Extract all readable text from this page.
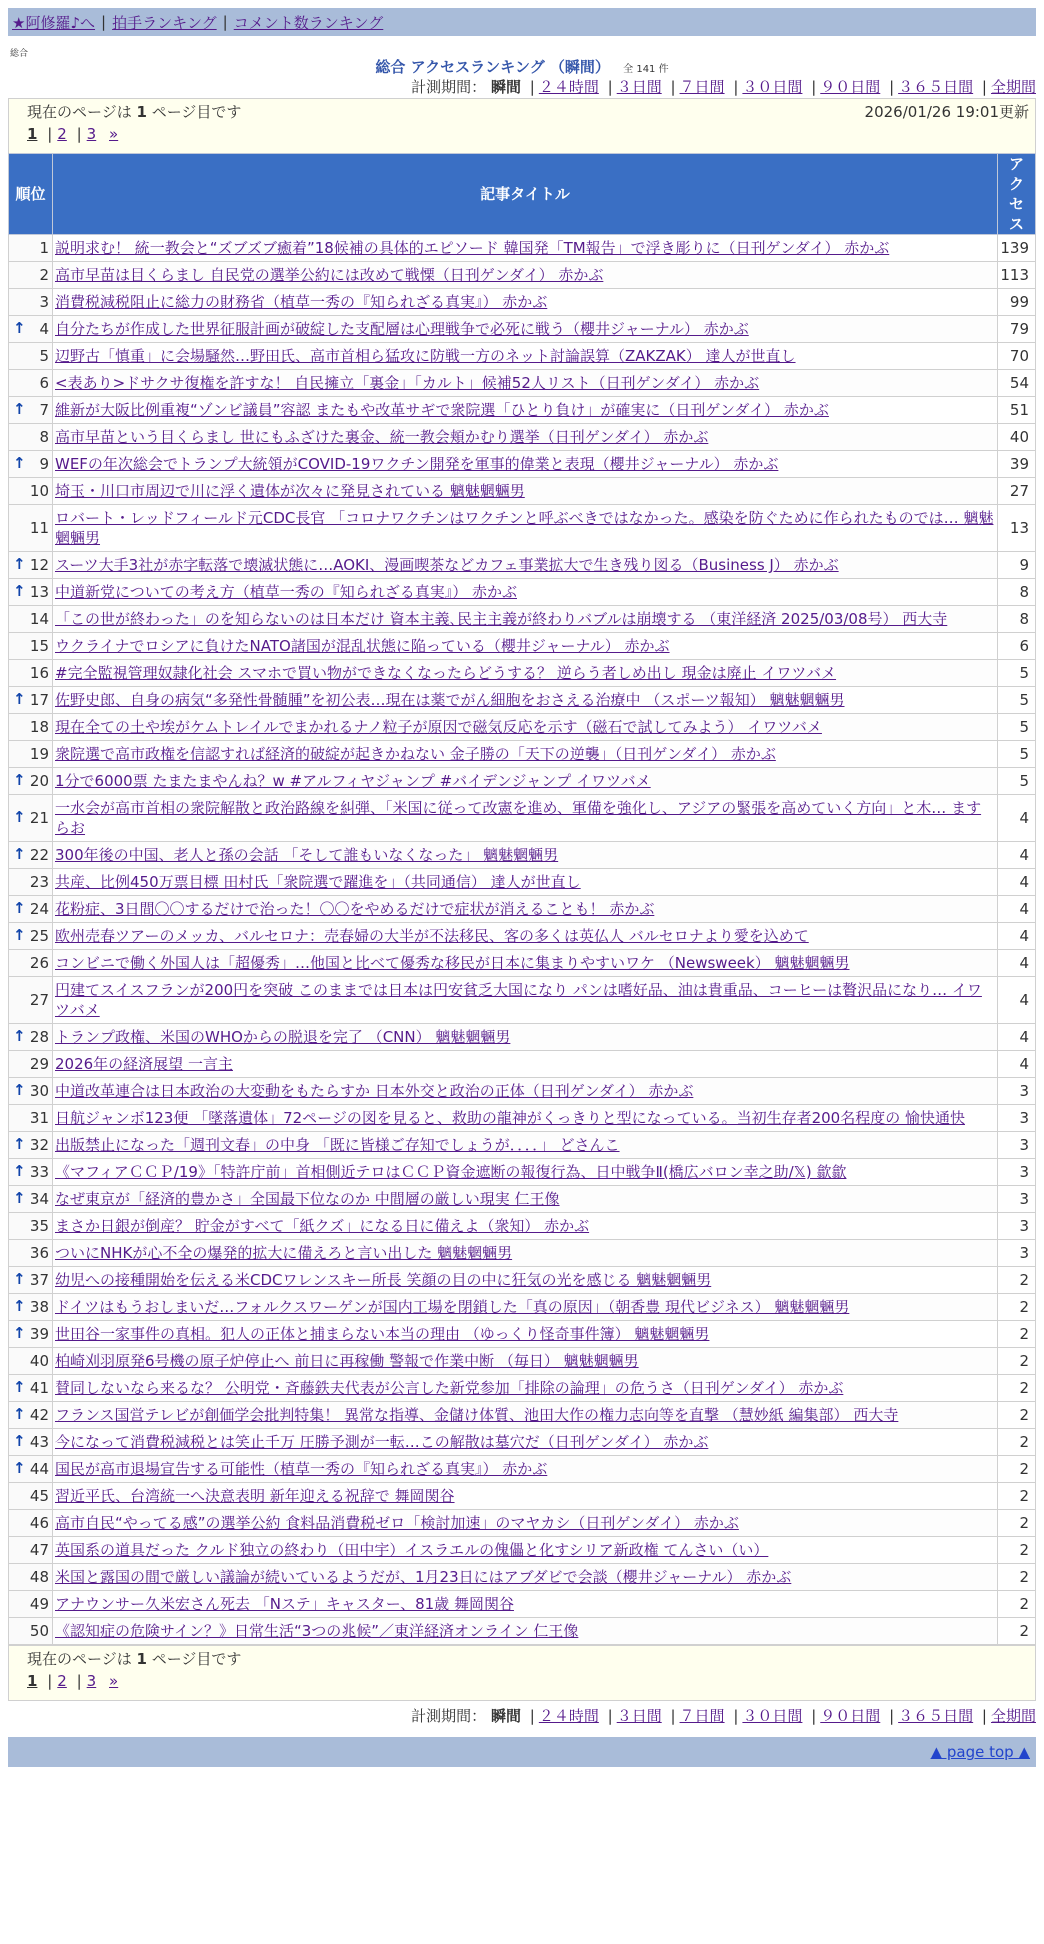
★阿修羅♪へ | 拍手ランキング | コメント数ランキング
総合
総合 アクセスランキング （瞬間） 全 141 件
計測期間： 瞬間 | ２４時間 | ３日間 | ７日間 | ３０日間 | ９０日間 | ３６５日間 | 全期間
現在のページは 1 ページ目です	2026/01/26 19:01更新
1 | 2 | 3 »
順位	記事タイトル	アクセス
1	説明求む！ 統一教会と“ズブズブ癒着”18候補の具体的エピソード 韓国発「TM報告」で浮き彫りに（日刊ゲンダイ） 赤かぶ	139
2	高市早苗は目くらまし 自民党の選挙公約には改めて戦慄（日刊ゲンダイ） 赤かぶ	113
3	消費税減税阻止に総力の財務省（植草一秀の『知られざる真実』） 赤かぶ	99

↑ 4	自分たちが作成した世界征服計画が破綻した支配層は心理戦争で必死に戦う（櫻井ジャーナル） 赤かぶ	79
5	辺野古「慎重」に会場騒然…野田氏、高市首相ら猛攻に防戦一方のネット討論誤算（ZAKZAK） 達人が世直し	70
6	<表あり>ドサクサ復権を許すな！ 自民擁立「裏金」「カルト」候補52人リスト（日刊ゲンダイ） 赤かぶ	54

↑ 7	維新が大阪比例重複“ゾンビ議員”容認 またもや改革サギで衆院選「ひとり負け」が確実に（日刊ゲンダイ） 赤かぶ	51
8	高市早苗という目くらまし 世にもふざけた裏金、統一教会頬かむり選挙（日刊ゲンダイ） 赤かぶ	40

↑ 9	WEFの年次総会でトランプ大統領がCOVID-19ワクチン開発を軍事的偉業と表現（櫻井ジャーナル） 赤かぶ	39
10	埼玉・川口市周辺で川に浮く遺体が次々に発見されている 魑魅魍魎男	27
11	ロバート・レッドフィールド元CDC長官 「コロナワクチンはワクチンと呼ぶべきではなかった。感染を防ぐために作られたものでは… 魑魅魍魎男	13

↑ 12	スーツ大手3社が赤字転落で壊滅状態に…AOKI、漫画喫茶などカフェ事業拡大で生き残り図る（Business J） 赤かぶ	9

↑ 13	中道新党についての考え方（植草一秀の『知られざる真実』） 赤かぶ	8
14	「この世が終わった」のを知らないのは日本だけ 資本主義､民主主義が終わりバブルは崩壊する （東洋経済 2025/03/08号） 西大寺	8
15	ウクライナでロシアに負けたNATO諸国が混乱状態に陥っている（櫻井ジャーナル） 赤かぶ	6
16	#完全監視管理奴隷化社会 スマホで買い物ができなくなったらどうする？ 逆らう者しめ出し 現金は廃止 イワツバメ	5

↑ 17	佐野史郎、自身の病気“多発性骨髄腫”を初公表…現在は薬でがん細胞をおさえる治療中 （スポーツ報知） 魑魅魍魎男	5
18	現在全ての土や埃がケムトレイルでまかれるナノ粒子が原因で磁気反応を示す（磁石で試してみよう） イワツバメ	5
19	衆院選で高市政権を信認すれば経済的破綻が起きかねない 金子勝の「天下の逆襲」（日刊ゲンダイ） 赤かぶ	5

↑ 20	1分で6000票 たまたまやんね？w #アルフィヤジャンプ #バイデンジャンプ イワツバメ	5

↑ 21	一水会が高市首相の衆院解散と政治路線を糾弾、「米国に従って改憲を進め、軍備を強化し、アジアの緊張を高めていく方向」と木… ますらお	4

↑ 22	300年後の中国、老人と孫の会話 「そして誰もいなくなった」 魑魅魍魎男	4
23	共産、比例450万票目標 田村氏「衆院選で躍進を」（共同通信） 達人が世直し	4

↑ 24	花粉症、3日間〇〇するだけで治った！〇〇をやめるだけで症状が消えることも！ 赤かぶ	4

↑ 25	欧州売春ツアーのメッカ、バルセロナ：売春婦の大半が不法移民、客の多くは英仏人 バルセロナより愛を込めて	4
26	コンビニで働く外国人は「超優秀」…他国と比べて優秀な移民が日本に集まりやすいワケ （Newsweek） 魑魅魍魎男	4
27	円建てスイスフランが200円を突破 このままでは日本は円安貧乏大国になり パンは嗜好品、油は貴重品、コーヒーは贅沢品になり… イワツバメ	4

↑ 28	トランプ政権、米国のWHOからの脱退を完了 （CNN） 魑魅魍魎男	4
29	2026年の経済展望 一言主	4

↑ 30	中道改革連合は日本政治の大変動をもたらすか 日本外交と政治の正体（日刊ゲンダイ） 赤かぶ	3
31	日航ジャンボ123便 「墜落遺体」72ページの図を見ると、救助の龍神がくっきりと型になっている。当初生存者200名程度の 愉快通快	3

↑ 32	出版禁止になった「週刊文春」の中身 「既に皆様ご存知でしょうが．．．．」 どさんこ	3

↑ 33	《マフィアＣＣＰ/19》「特許庁前」首相側近テロはＣＣＰ資金遮断の報復行為、日中戦争Ⅱ(橋広バロン幸之助/𝕏) 歙歙	3

↑ 34	なぜ東京が「経済的豊かさ」全国最下位なのか 中間層の厳しい現実 仁王像	3
35	まさか日銀が倒産？ 貯金がすべて「紙クズ」になる日に備えよ（衆知） 赤かぶ	3
36	ついにNHKが心不全の爆発的拡大に備えろと言い出した 魑魅魍魎男	3

↑ 37	幼児への接種開始を伝える米CDCワレンスキー所長 笑顔の目の中に狂気の光を感じる 魑魅魍魎男	2

↑ 38	ドイツはもうおしまいだ…フォルクスワーゲンが国内工場を閉鎖した「真の原因」（朝香豊 現代ビジネス） 魑魅魍魎男	2

↑ 39	世田谷一家事件の真相。犯人の正体と捕まらない本当の理由 （ゆっくり怪奇事件簿） 魑魅魍魎男	2
40	柏崎刈羽原発6号機の原子炉停止へ 前日に再稼働 警報で作業中断 （毎日） 魑魅魍魎男	2

↑ 41	賛同しないなら来るな？ 公明党・斉藤鉄夫代表が公言した新党参加「排除の論理」の危うさ（日刊ゲンダイ） 赤かぶ	2

↑ 42	フランス国営テレビが創価学会批判特集！ 異常な指導、金儲け体質、池田大作の権力志向等を直撃 （慧妙紙 編集部） 西大寺	2

↑ 43	今になって消費税減税とは笑止千万 圧勝予測が一転…この解散は墓穴だ（日刊ゲンダイ） 赤かぶ	2

↑ 44	国民が高市退場宣告する可能性（植草一秀の『知られざる真実』） 赤かぶ	2
45	習近平氏、台湾統一へ決意表明 新年迎える祝辞で 舞岡関谷	2
46	高市自民“やってる感”の選挙公約 食料品消費税ゼロ「検討加速」のマヤカシ（日刊ゲンダイ） 赤かぶ	2
47	英国系の道具だった クルド独立の終わり（田中宇）イスラエルの傀儡と化すシリア新政権 てんさい（い）	2
48	米国と露国の間で厳しい議論が続いているようだが、1月23日にはアブダビで会談（櫻井ジャーナル） 赤かぶ	2
49	アナウンサー久米宏さん死去 「Nステ」キャスター、81歳 舞岡関谷	2
50	《認知症の危険サイン？》日常生活“3つの兆候”／東洋経済オンライン 仁王像	2
現在のページは 1 ページ目です
1 | 2 | 3 »
計測期間： 瞬間 | ２４時間 | ３日間 | ７日間 | ３０日間 | ９０日間 | ３６５日間 | 全期間
▲ page top ▲
